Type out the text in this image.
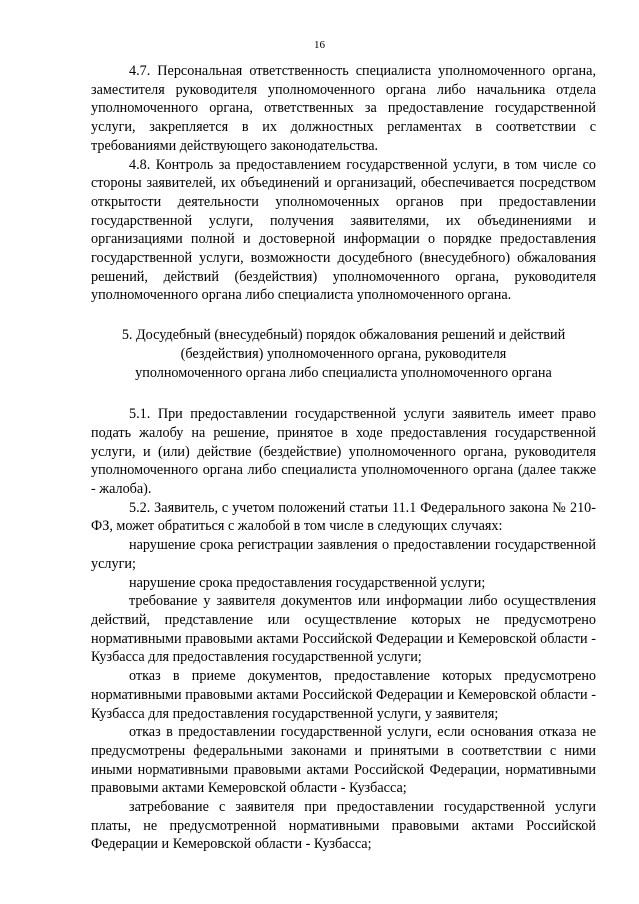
16

4.7. Персональная ответственность специалиста уполномоченного органа, заместителя руководителя уполномоченного органа либо начальника отдела уполномоченного органа, ответственных за предоставление государственной услуги, закрепляется в их должностных регламентах в соответствии с требованиями действующего законодательства.

4.8. Контроль за предоставлением государственной услуги, в том числе со стороны заявителей, их объединений и организаций, обеспечивается посредством открытости деятельности уполномоченных органов при предоставлении государственной услуги, получения заявителями, их объединениями и организациями полной и достоверной информации о порядке предоставления государственной услуги, возможности досудебного (внесудебного) обжалования решений, действий (бездействия) уполномоченного органа, руководителя уполномоченного органа либо специалиста уполномоченного органа.

5. Досудебный (внесудебный) порядок обжалования решений и действий
(бездействия) уполномоченного органа, руководителя
уполномоченного органа либо специалиста уполномоченного органа

5.1. При предоставлении государственной услуги заявитель имеет право подать жалобу на решение, принятое в ходе предоставления государственной услуги, и (или) действие (бездействие) уполномоченного органа, руководителя уполномоченного органа либо специалиста уполномоченного органа (далее также - жалоба).

5.2. Заявитель, с учетом положений статьи 11.1 Федерального закона № 210-ФЗ, может обратиться с жалобой в том числе в следующих случаях:

нарушение срока регистрации заявления о предоставлении государственной услуги;

нарушение срока предоставления государственной услуги;

требование у заявителя документов или информации либо осуществления действий, представление или осуществление которых не предусмотрено нормативными правовыми актами Российской Федерации и Кемеровской области - Кузбасса для предоставления государственной услуги;

отказ в приеме документов, предоставление которых предусмотрено нормативными правовыми актами Российской Федерации и Кемеровской области - Кузбасса для предоставления государственной услуги, у заявителя;

отказ в предоставлении государственной услуги, если основания отказа не предусмотрены федеральными законами и принятыми в соответствии с ними иными нормативными правовыми актами Российской Федерации, нормативными правовыми актами Кемеровской области - Кузбасса;

затребование с заявителя при предоставлении государственной услуги платы, не предусмотренной нормативными правовыми актами Российской Федерации и Кемеровской области - Кузбасса;
